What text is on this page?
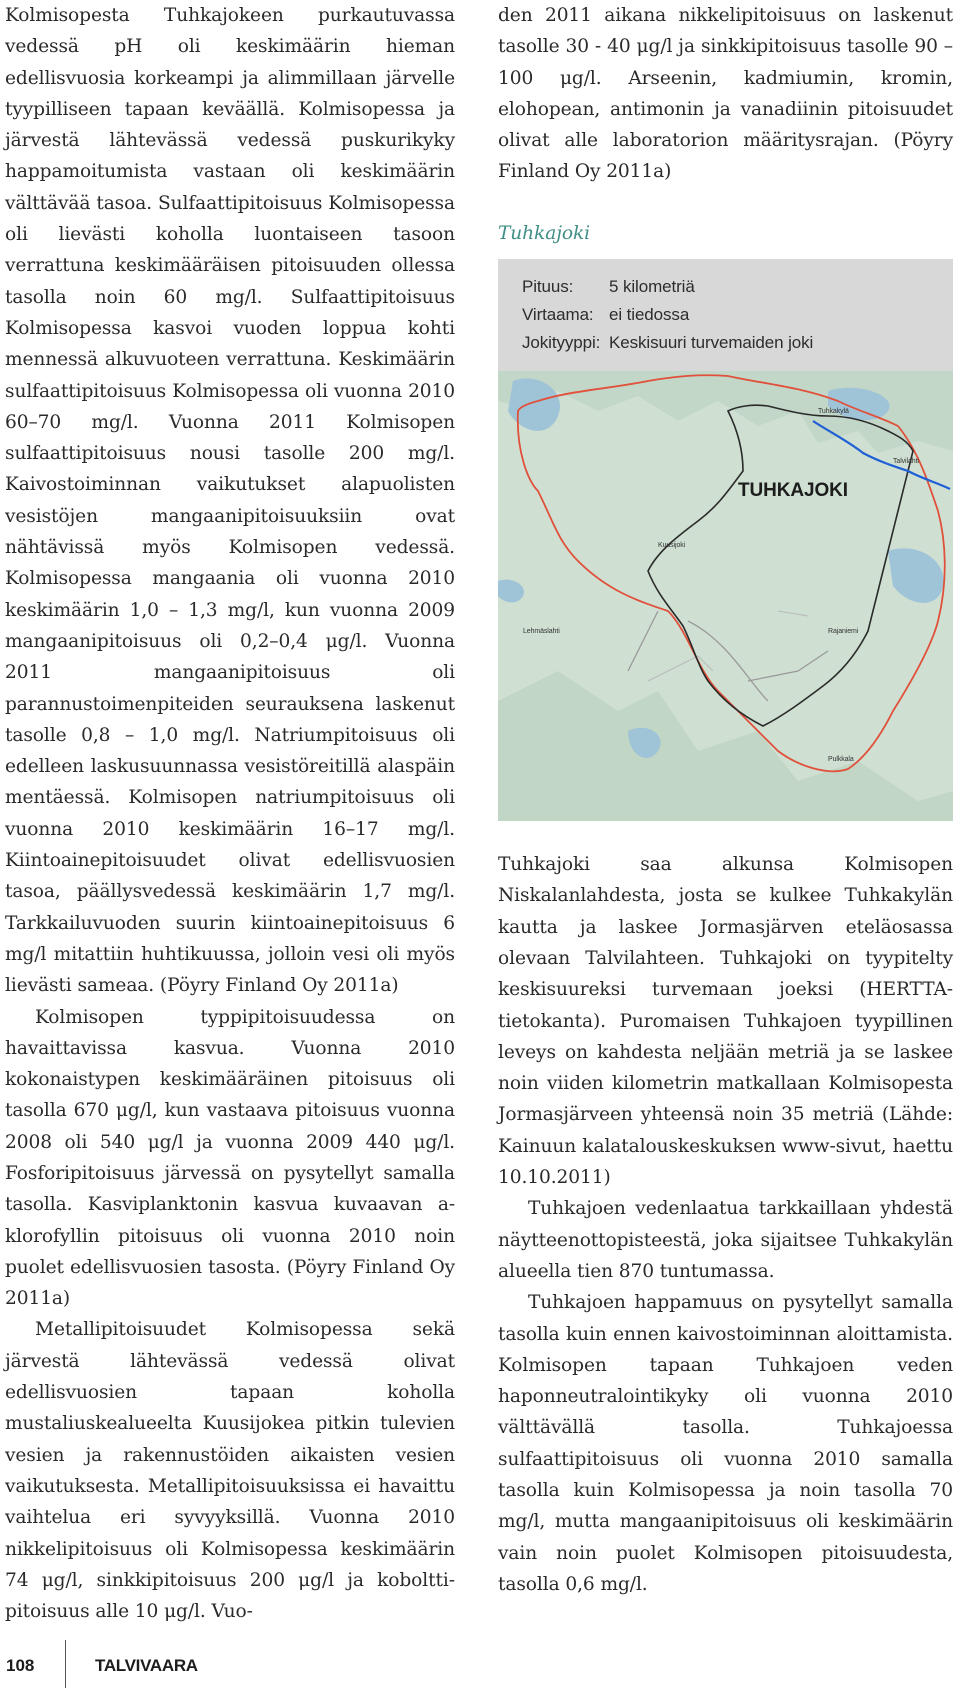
Kolmisopesta Tuhkajokeen purkautuvassa vedessä pH oli keskimäärin hieman edellisvuosia korkeampi ja alimmillaan järvelle tyypilliseen tapaan keväällä. Kolmisopessa ja järvestä lähtevässä vedessä puskurikyky happamoitumista vastaan oli keskimäärin välttävää tasoa. Sulfaattipitoisuus Kolmisopessa oli lievästi koholla luontaiseen tasoon verrattuna keskimääräisen pitoisuuden ollessa tasolla noin 60 mg/l. Sulfaattipitoisuus Kolmisopessa kasvoi vuoden loppua kohti mennessä alkuvuoteen verrattuna. Keskimäärin sulfaattipitoisuus Kolmisopessa oli vuonna 2010 60–70 mg/l. Vuonna 2011 Kolmisopen sulfaattipitoisuus nousi tasolle 200 mg/l. Kaivostoiminnan vaikutukset alapuolisten vesistöjen mangaanipitoisuuksiin ovat nähtävissä myös Kolmisopen vedessä. Kolmisopessa mangaania oli vuonna 2010 keskimäärin 1,0 – 1,3 mg/l, kun vuonna 2009 mangaanipitoisuus oli 0,2–0,4 μg/l. Vuonna 2011 mangaanipitoisuus oli parannustoimenpiteiden seurauksena laskenut tasolle 0,8 – 1,0 mg/l. Natriumpitoisuus oli edelleen laskusuunnassa vesistöreitillä alaspäin mentäessä. Kolmisopen natriumpitoisuus oli vuonna 2010 keskimäärin 16–17 mg/l. Kiintoainepitoisuudet olivat edellisvuosien tasoa, päällysvedessä keskimäärin 1,7 mg/l. Tarkkailuvuoden suurin kiintoainepitoisuus 6 mg/l mitattiin huhtikuussa, jolloin vesi oli myös lievästi sameaa. (Pöyry Finland Oy 2011a)

Kolmisopen typpipitoisuudessa on havaittavissa kasvua. Vuonna 2010 kokonaistypen keskimääräinen pitoisuus oli tasolla 670 μg/l, kun vastaava pitoisuus vuonna 2008 oli 540 μg/l ja vuonna 2009 440 μg/l. Fosforipitoisuus järvessä on pysytellyt samalla tasolla. Kasviplanktonin kasvua kuvaavan a-klorofyllin pitoisuus oli vuonna 2010 noin puolet edellisvuosien tasosta. (Pöyry Finland Oy 2011a)

Metallipitoisuudet Kolmisopessa sekä järvestä lähtevässä vedessä olivat edellisvuosien tapaan koholla mustaliuskealueelta Kuusijokea pitkin tulevien vesien ja rakennustöiden aikaisten vesien vaikutuksesta. Metallipitoisuuksissa ei havaittu vaihtelua eri syvyyksillä. Vuonna 2010 nikkelipitoisuus oli Kolmisopessa keskimäärin 74 μg/l, sinkkipitoisuus 200 μg/l ja kobolttipitoisuus alle 10 μg/l. Vuo-

den 2011 aikana nikkelipitoisuus on laskenut tasolle 30 - 40 μg/l ja sinkkipitoisuus tasolle 90 – 100 μg/l. Arseenin, kadmiumin, kromin, elohopean, antimonin ja vanadiinin pitoisuudet olivat alle laboratorion määritysrajan. (Pöyry Finland Oy 2011a)

Tuhkajoki

Pituus:	5 kilometriä
Virtaama: ei tiedossa
Jokityyppi: Keskisuuri turvemaiden joki
TUHKAJOKI
Tuhkakylä
Talvilahti
Lehmäslahti	Rajaniemi
Kuusijoki
Pulkkala

Tuhkajoki saa alkunsa Kolmisopen Niskalanlahdesta, josta se kulkee Tuhkakylän kautta ja laskee Jormasjärven eteläosassa olevaan Talvilahteen. Tuhkajoki on tyypitelty keskisuureksi turvemaan joeksi (HERTTA-tietokanta). Puromaisen Tuhkajoen tyypillinen leveys on kahdesta neljään metriä ja se laskee noin viiden kilometrin matkallaan Kolmisopesta Jormasjärveen yhteensä noin 35 metriä (Lähde: Kainuun kalatalouskeskuksen www-sivut, haettu 10.10.2011)

Tuhkajoen vedenlaatua tarkkaillaan yhdestä näytteenottopisteestä, joka sijaitsee Tuhkakylän alueella tien 870 tuntumassa.

Tuhkajoen happamuus on pysytellyt samalla tasolla kuin ennen kaivostoiminnan aloittamista. Kolmisopen tapaan Tuhkajoen veden haponneutralointikyky oli vuonna 2010 välttävällä tasolla. Tuhkajoessa sulfaattipitoisuus oli vuonna 2010 samalla tasolla kuin Kolmisopessa ja noin tasolla 70 mg/l, mutta mangaanipitoisuus oli keskimäärin vain noin puolet Kolmisopen pitoisuudesta, tasolla 0,6 mg/l.

108	TALVIVAARA
